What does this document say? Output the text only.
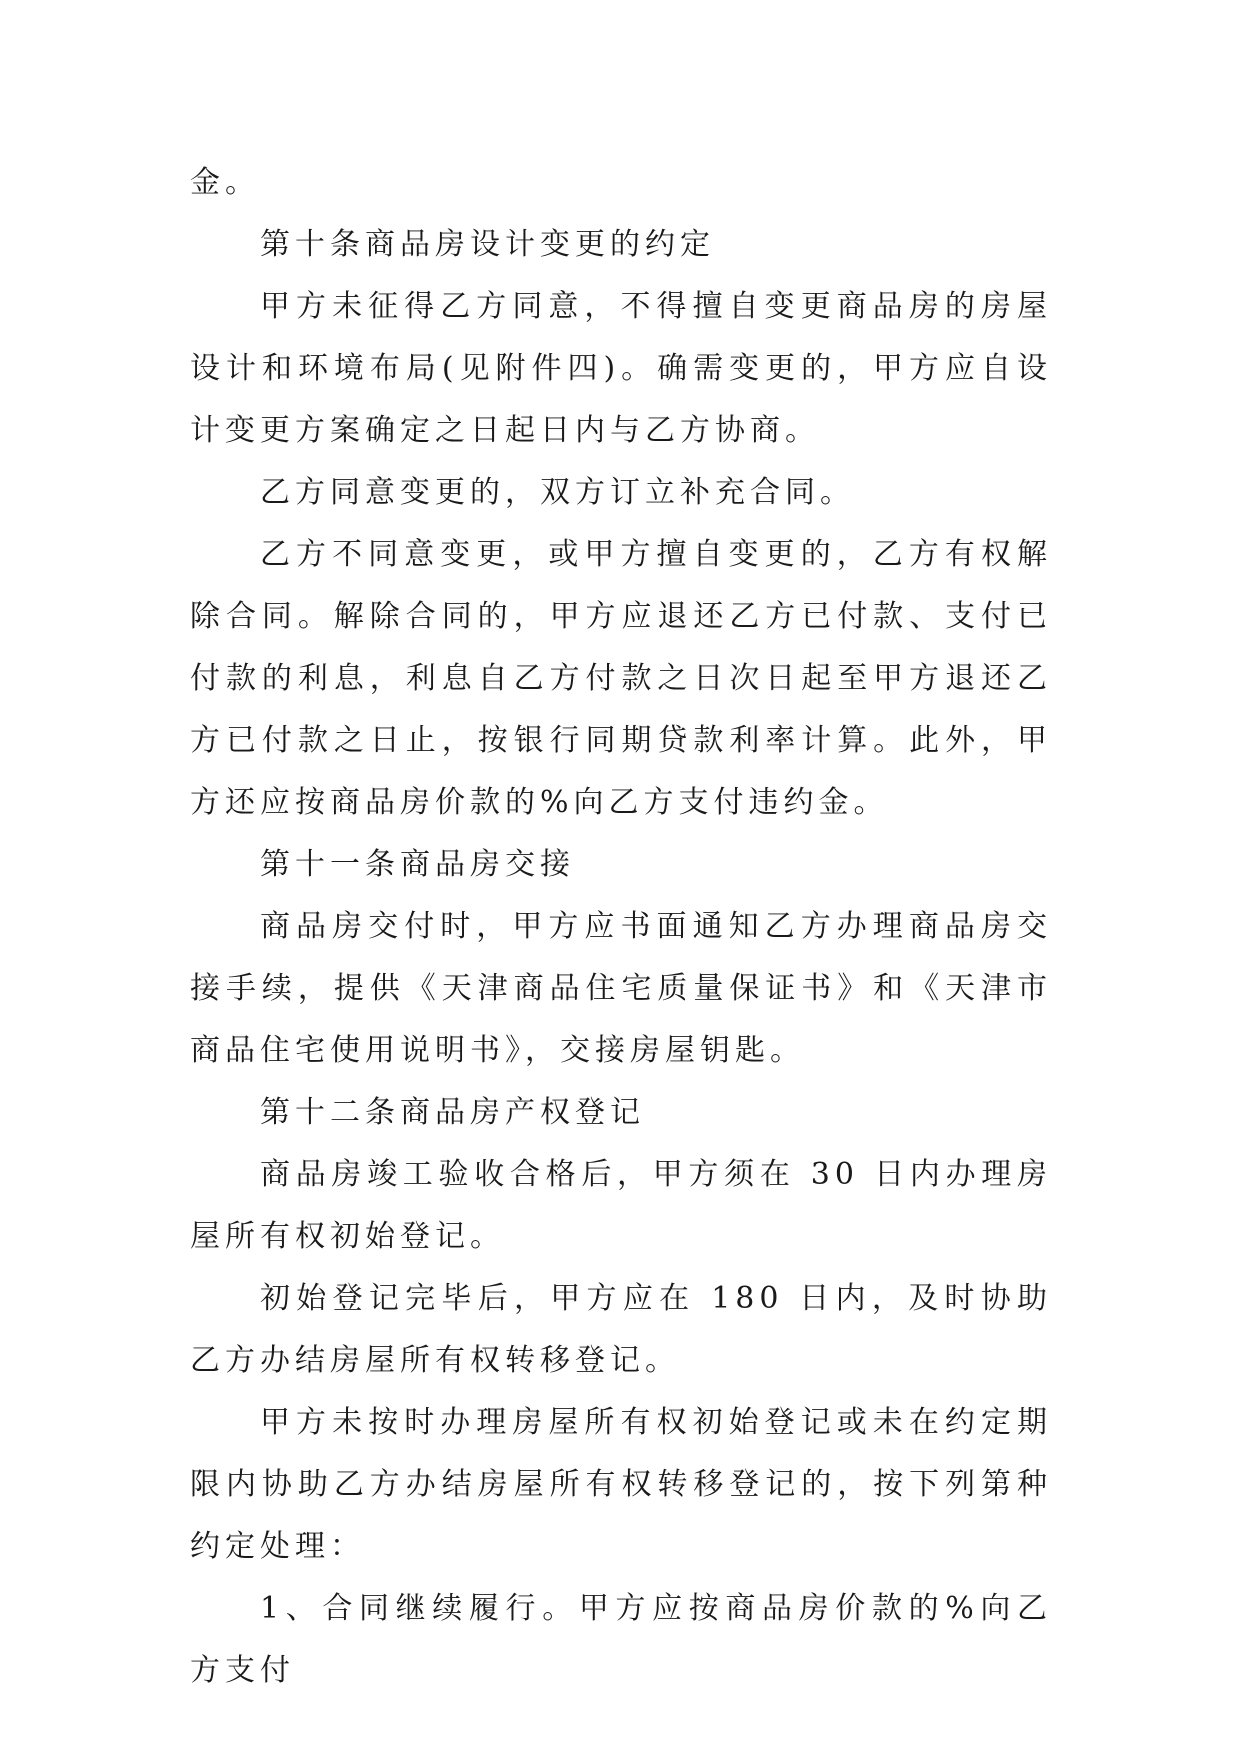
金。

第十条商品房设计变更的约定

甲方未征得乙方同意，不得擅自变更商品房的房屋设计和环境布局(见附件四)。确需变更的，甲方应自设计变更方案确定之日起日内与乙方协商。

乙方同意变更的，双方订立补充合同。

乙方不同意变更，或甲方擅自变更的，乙方有权解除合同。解除合同的，甲方应退还乙方已付款、支付已付款的利息，利息自乙方付款之日次日起至甲方退还乙方已付款之日止，按银行同期贷款利率计算。此外，甲方还应按商品房价款的%向乙方支付违约金。

第十一条商品房交接

商品房交付时，甲方应书面通知乙方办理商品房交接手续，提供《天津商品住宅质量保证书》和《天津市商品住宅使用说明书》，交接房屋钥匙。

第十二条商品房产权登记

商品房竣工验收合格后，甲方须在 30 日内办理房屋所有权初始登记。

初始登记完毕后，甲方应在 180 日内，及时协助乙方办结房屋所有权转移登记。

甲方未按时办理房屋所有权初始登记或未在约定期限内协助乙方办结房屋所有权转移登记的，按下列第种约定处理：

1、合同继续履行。甲方应按商品房价款的%向乙方支付
